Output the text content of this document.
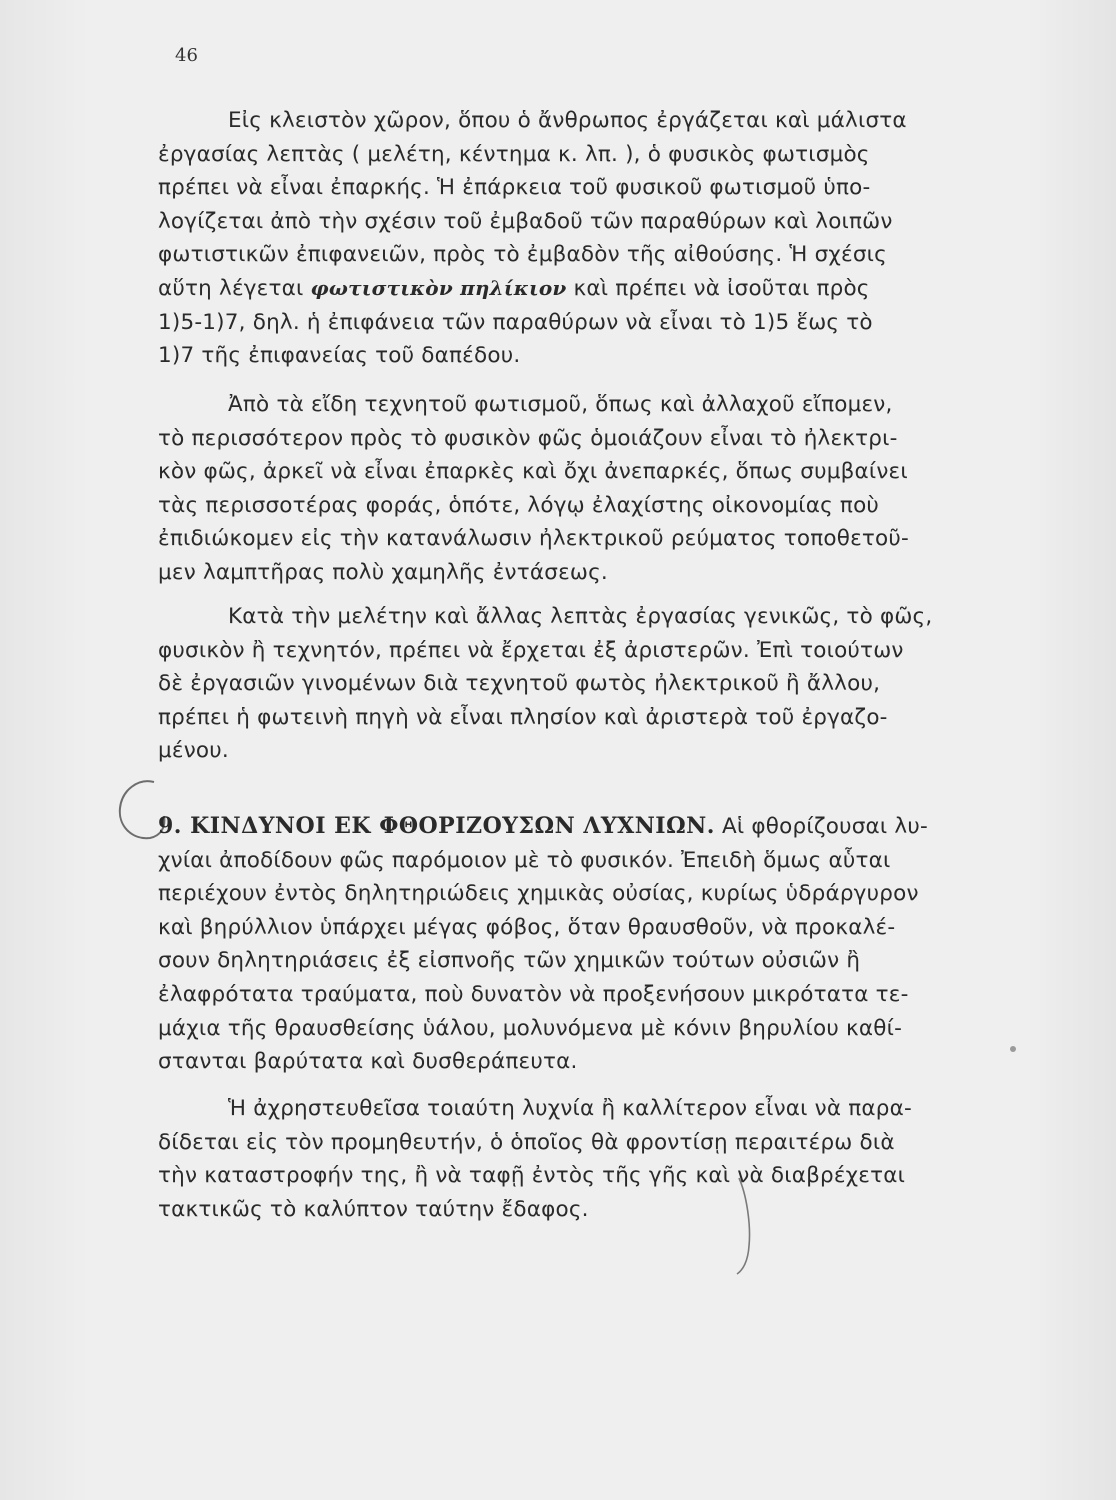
46
Εἰς κλειστὸν χῶρον, ὅπου ὁ ἄνθρωπος ἐργάζεται καὶ μάλιστα
ἐργασίας λεπτὰς ( μελέτη, κέντημα κ. λπ. ), ὁ φυσικὸς φωτισμὸς
πρέπει νὰ εἶναι ἐπαρκής. Ἡ ἐπάρκεια τοῦ φυσικοῦ φωτισμοῦ ὑπο-
λογίζεται ἀπὸ τὴν σχέσιν τοῦ ἐμβαδοῦ τῶν παραθύρων καὶ λοιπῶν
φωτιστικῶν ἐπιφανειῶν, πρὸς τὸ ἐμβαδὸν τῆς αἰθούσης. Ἡ σχέσις
αὕτη λέγεται φωτιστικὸν πηλίκιον καὶ πρέπει νὰ ἰσοῦται πρὸς
1)5-1)7, δηλ. ἡ ἐπιφάνεια τῶν παραθύρων νὰ εἶναι τὸ 1)5 ἕως τὸ
1)7 τῆς ἐπιφανείας τοῦ δαπέδου.
Ἀπὸ τὰ εἴδη τεχνητοῦ φωτισμοῦ, ὅπως καὶ ἀλλαχοῦ εἴπομεν,
τὸ περισσότερον πρὸς τὸ φυσικὸν φῶς ὁμοιάζουν εἶναι τὸ ἠλεκτρι-
κὸν φῶς, ἀρκεῖ νὰ εἶναι ἐπαρκὲς καὶ ὄχι ἀνεπαρκές, ὅπως συμβαίνει
τὰς περισσοτέρας φοράς, ὁπότε, λόγῳ ἐλαχίστης οἰκονομίας ποὺ
ἐπιδιώκομεν εἰς τὴν κατανάλωσιν ἠλεκτρικοῦ ρεύματος τοποθετοῦ-
μεν λαμπτῆρας πολὺ χαμηλῆς ἐντάσεως.
Κατὰ τὴν μελέτην καὶ ἄλλας λεπτὰς ἐργασίας γενικῶς, τὸ φῶς,
φυσικὸν ἢ τεχνητόν, πρέπει νὰ ἔρχεται ἐξ ἀριστερῶν. Ἐπὶ τοιούτων
δὲ ἐργασιῶν γινομένων διὰ τεχνητοῦ φωτὸς ἠλεκτρικοῦ ἢ ἄλλου,
πρέπει ἡ φωτεινὴ πηγὴ νὰ εἶναι πλησίον καὶ ἀριστερὰ τοῦ ἐργαζο-
μένου.
9. ΚΙΝΔΥΝΟΙ ΕΚ ΦΘΟΡΙΖΟΥΣΩΝ ΛΥΧΝΙΩΝ. Αἱ φθορίζουσαι λυ-
χνίαι ἀποδίδουν φῶς παρόμοιον μὲ τὸ φυσικόν. Ἐπειδὴ ὅμως αὗται
περιέχουν ἐντὸς δηλητηριώδεις χημικὰς οὐσίας, κυρίως ὑδράργυρον
καὶ βηρύλλιον ὑπάρχει μέγας φόβος, ὅταν θραυσθοῦν, νὰ προκαλέ-
σουν δηλητηριάσεις ἐξ εἰσπνοῆς τῶν χημικῶν τούτων οὐσιῶν ἢ
ἐλαφρότατα τραύματα, ποὺ δυνατὸν νὰ προξενήσουν μικρότατα τε-
μάχια τῆς θραυσθείσης ὑάλου, μολυνόμενα μὲ κόνιν βηρυλίου καθί-
στανται βαρύτατα καὶ δυσθεράπευτα.
Ἡ ἀχρηστευθεῖσα τοιαύτη λυχνία ἢ καλλίτερον εἶναι νὰ παρα-
δίδεται εἰς τὸν προμηθευτήν, ὁ ὁποῖος θὰ φροντίσῃ περαιτέρω διὰ
τὴν καταστροφήν της, ἢ νὰ ταφῇ ἐντὸς τῆς γῆς καὶ νὰ διαβρέχεται
τακτικῶς τὸ καλύπτον ταύτην ἔδαφος.
